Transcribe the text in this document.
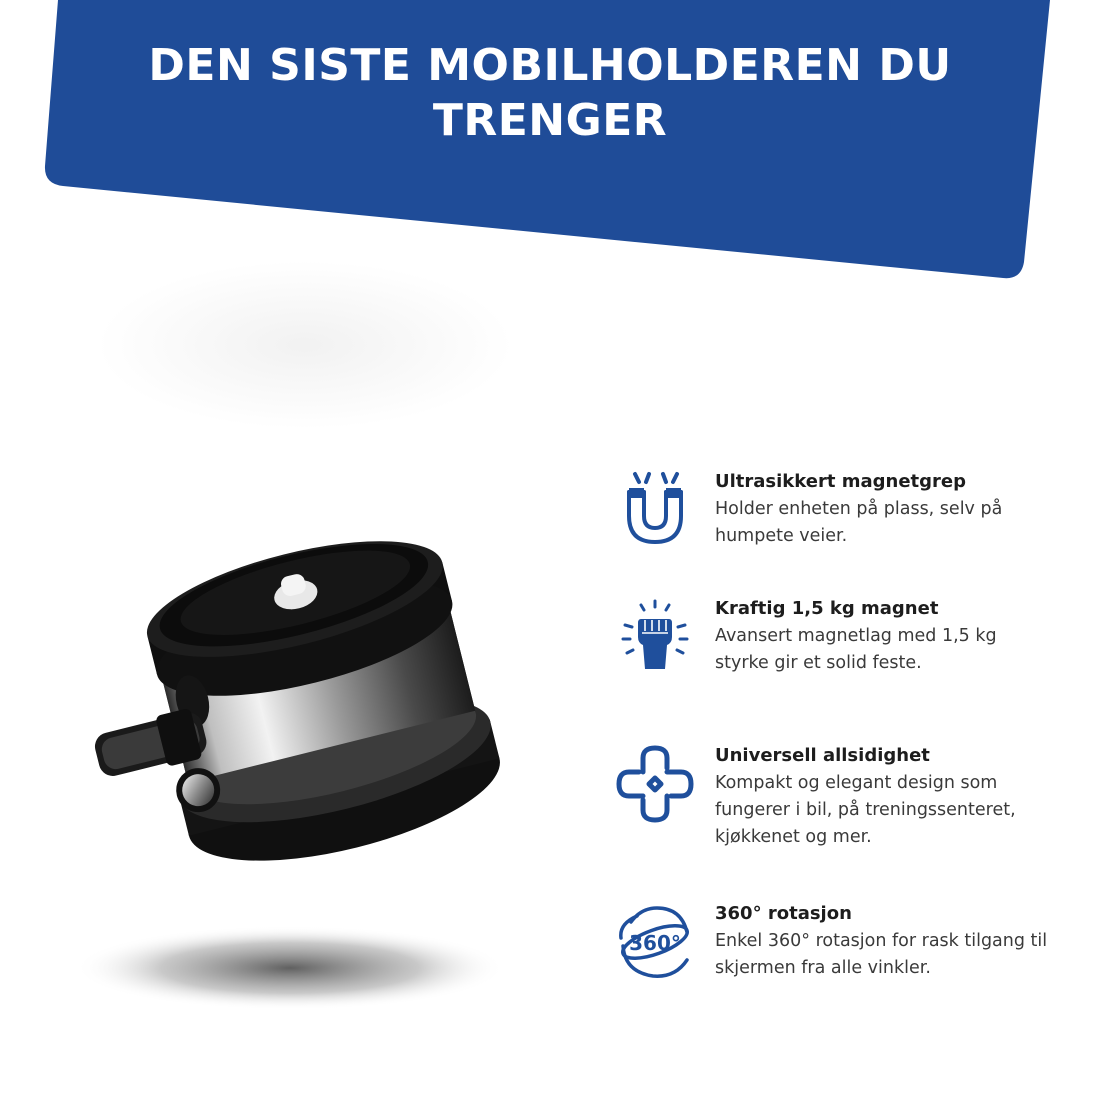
DEN SISTE MOBILHOLDEREN DU TRENGER

Ultrasikkert magnetgrep

Holder enheten på plass, selv på humpete veier.

Kraftig 1,5 kg magnet

Avansert magnetlag med 1,5 kg styrke gir et solid feste.

Universell allsidighet

Kompakt og elegant design som fungerer i bil, på treningssenteret, kjøkkenet og mer.

360°

360° rotasjon

Enkel 360° rotasjon for rask tilgang til skjermen fra alle vinkler.
